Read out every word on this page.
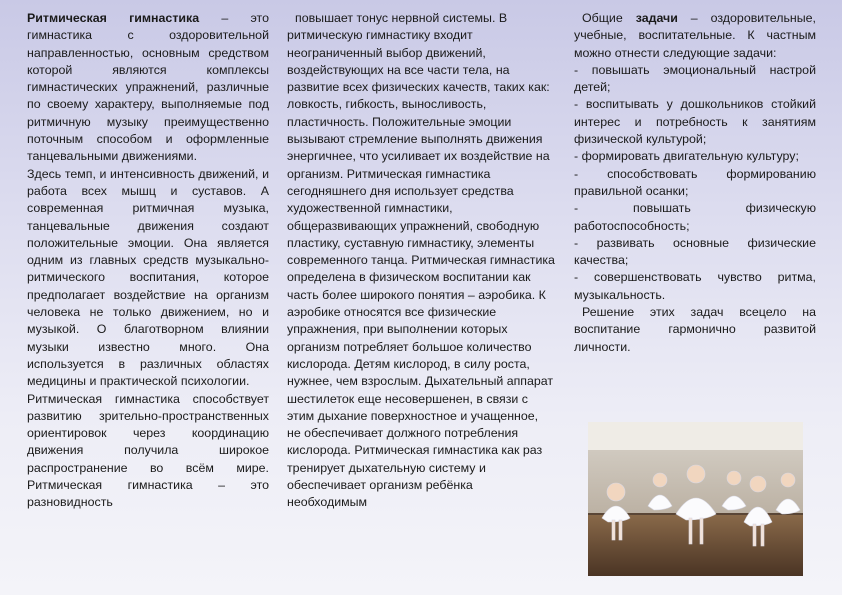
Ритмическая гимнастика – это гимнастика с оздоровительной направленностью, основным средством которой являются комплексы гимнастических упражнений, различные по своему характеру, выполняемые под ритмичную музыку преимущественно поточным способом и оформленные танцевальными движениями.

Здесь темп, и интенсивность движений, и работа всех мышц и суставов. А современная ритмичная музыка, танцевальные движения создают положительные эмоции. Она является одним из главных средств музыкально-ритмического воспитания, которое предполагает воздействие на организм человека не только движением, но и музыкой. О благотворном влиянии музыки известно много. Она используется в различных областях медицины и практической психологии.

Ритмическая гимнастика способствует развитию зрительно-пространственных ориентировок через координацию движения получила широкое распространение во всём мире. Ритмическая гимнастика – это разновидность

повышает тонус нервной системы. В ритмическую гимнастику входит неограниченный выбор движений, воздействующих на все части тела, на развитие всех физических качеств, таких как: ловкость, гибкость, выносливость, пластичность. Положительные эмоции вызывают стремление выполнять движения энергичнее, что усиливает их воздействие на организм. Ритмическая гимнастика сегодняшнего дня использует средства художественной гимнастики, общеразвивающих упражнений, свободную пластику, суставную гимнастику, элементы современного танца. Ритмическая гимнастика определена в физическом воспитании как часть более широкого понятия – аэробика. К аэробике относятся все физические упражнения, при выполнении которых организм потребляет большое количество кислорода. Детям кислород, в силу роста, нужнее, чем взрослым. Дыхательный аппарат шестилеток еще несовершенен, в связи с этим дыхание поверхностное и учащенное, не обеспечивает должного потребления кислорода. Ритмическая гимнастика как раз тренирует дыхательную систему и обеспечивает организм ребёнка необходимым

Общие задачи – оздоровительные, учебные, воспитательные. К частным можно отнести следующие задачи:

- повышать эмоциональный настрой детей;

- воспитывать у дошкольников стойкий интерес и потребность к занятиям физической культурой;

- формировать двигательную культуру;

- способствовать формированию правильной осанки;

- повышать физическую работоспособность;

- развивать основные физические качества;

- совершенствовать чувство ритма, музыкальность.

Решение этих задач всецело на воспитание гармонично развитой личности.
